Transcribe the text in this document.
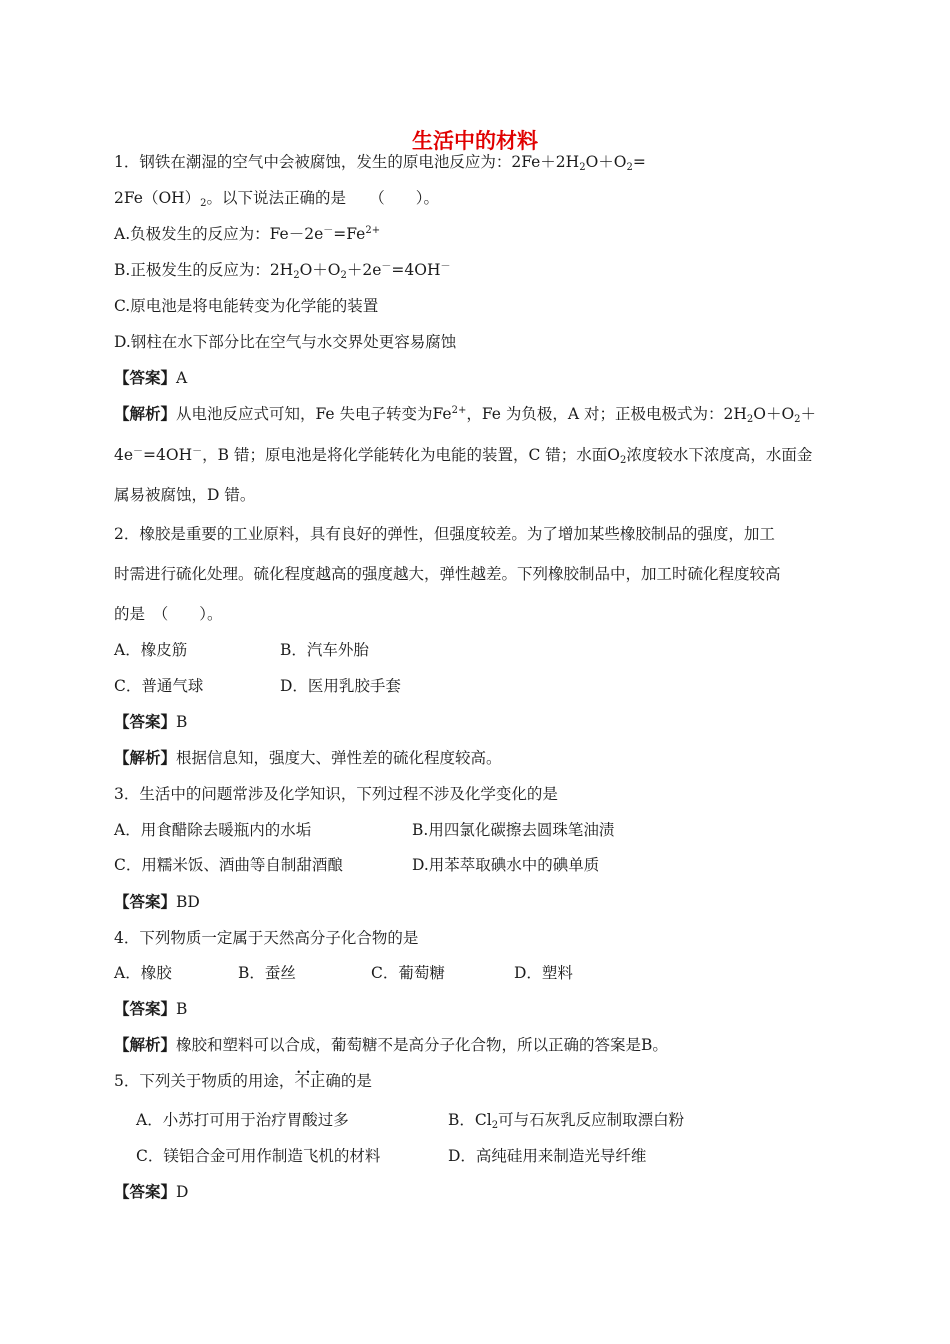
生活中的材料
1．钢铁在潮湿的空气中会被腐蚀，发生的原电池反应为：$2Fe+2H_2O+O_2=$
$2Fe(OH)_2$。以下说法正确的是　　（　　）。
A.负极发生的反应为：$Fe-2e^-=Fe^{2+}$
B.正极发生的反应为：$2H_2O+O_2+2e^-=4OH^-$
C.原电池是将电能转变为化学能的装置
D.钢柱在水下部分比在空气与水交界处更容易腐蚀
【答案】A
【解析】从电池反应式可知，Fe 失电子转变为$Fe^{2+}$，Fe 为负极，A 对；正极电极式为：$2H_2O+O_2+$
4e－=4OH－，B 错；原电池是将化学能转化为电能的装置，C 错；水面$O_2$浓度较水下浓度高，水面金
属易被腐蚀，D 错。
2．橡胶是重要的工业原料，具有良好的弹性，但强度较差。为了增加某些橡胶制品的强度，加工
时需进行硫化处理。硫化程度越高的强度越大，弹性越差。下列橡胶制品中，加工时硫化程度较高
的是　（　　）。
A．橡皮筋	B．汽车外胎
C．普通气球	D．医用乳胶手套
【答案】B
【解析】根据信息知，强度大、弹性差的硫化程度较高。
3．生活中的问题常涉及化学知识，下列过程不涉及化学变化的是
A．用食醋除去暖瓶内的水垢	B.用四氯化碳擦去圆珠笔油渍
C．用糯米饭、酒曲等自制甜酒酿	D.用苯萃取碘水中的碘单质
【答案】BD
4．下列物质一定属于天然高分子化合物的是
A．橡胶	B．蚕丝	C．葡萄糖	D．塑料
【答案】B
【解析】橡胶和塑料可以合成，葡萄糖不是高分子化合物，所以正确的答案是B。
5．下列关于物质的用途，不正确 • • •的是
A．小苏打可用于治疗胃酸过多	B．$Cl_2$可与石灰乳反应制取漂白粉
C．镁铝合金可用作制造飞机的材料	D．高纯硅用来制造光导纤维
【答案】D
